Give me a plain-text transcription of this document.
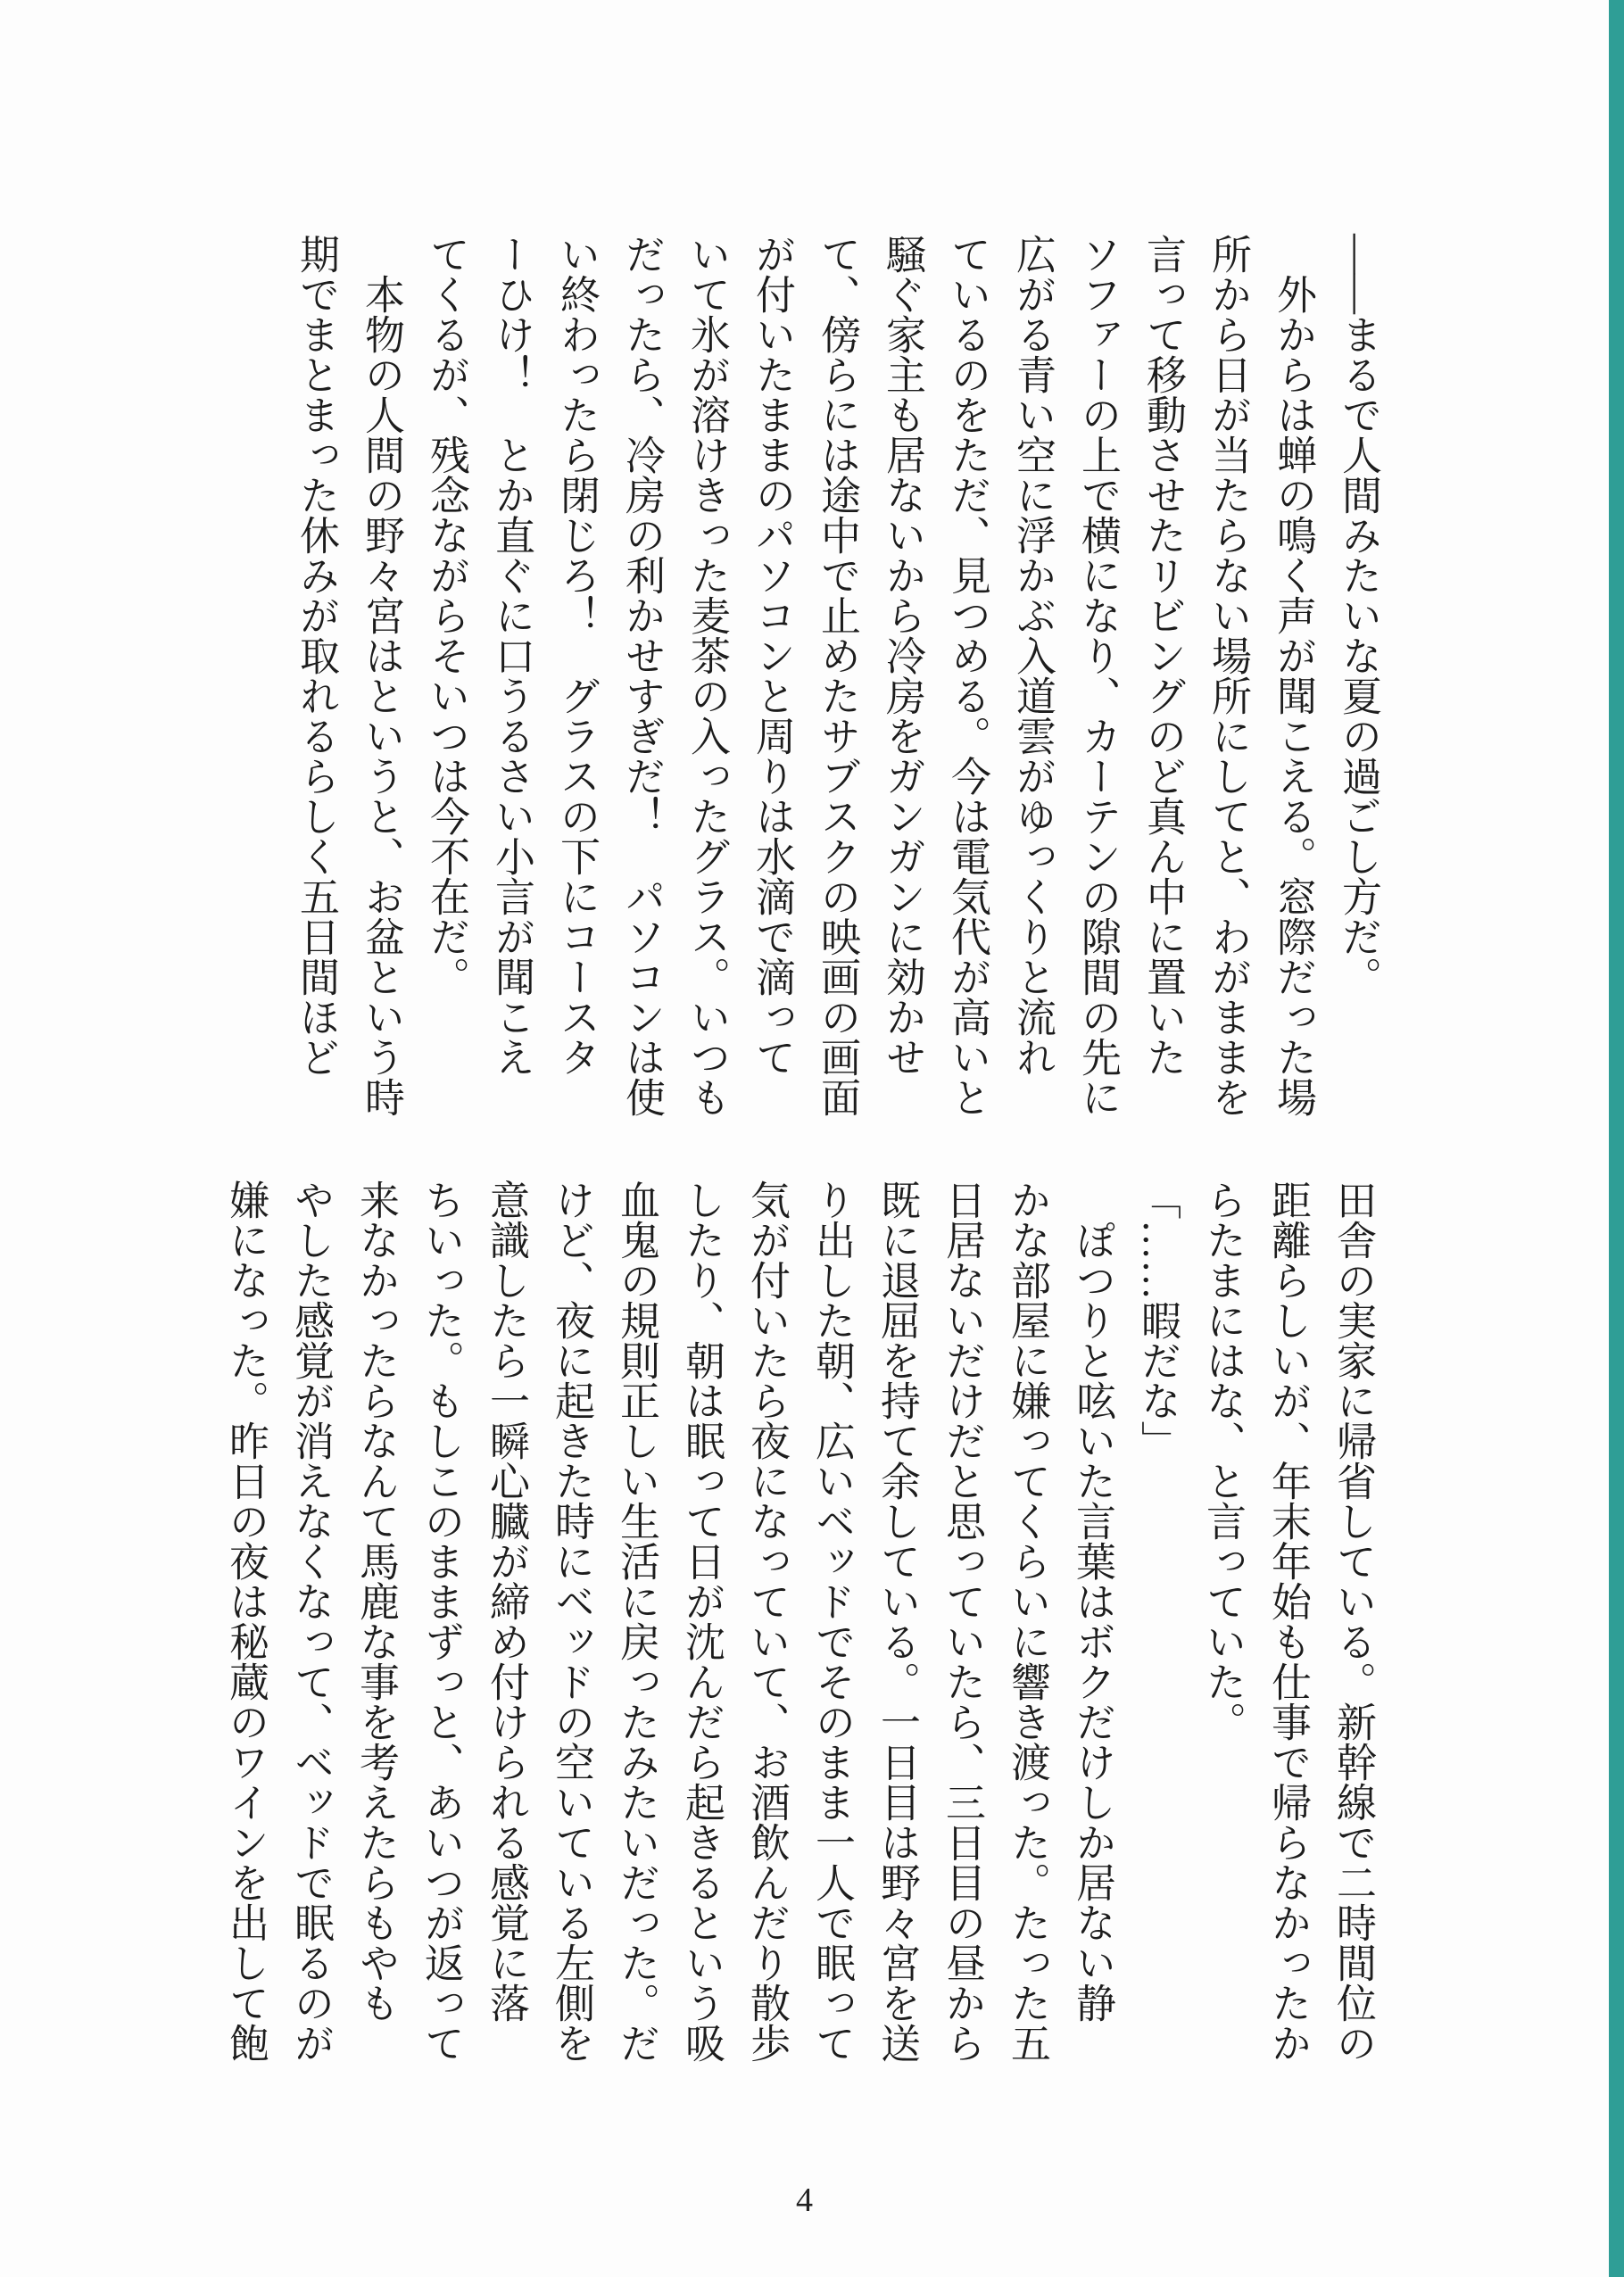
――まるで人間みたいな夏の過ごし方だ。

　外からは蝉の鳴く声が聞こえる。窓際だった場

所から日が当たらない場所にしてと、わがままを

言って移動させたリビングのど真ん中に置いた

ソファーの上で横になり、カーテンの隙間の先に

広がる青い空に浮かぶ入道雲がゆっくりと流れ

ているのをただ、見つめる。今は電気代が高いと

騒ぐ家主も居ないから冷房をガンガンに効かせ

て、傍らには途中で止めたサブスクの映画の画面

が付いたままのパソコンと周りは水滴で滴って

いて氷が溶けきった麦茶の入ったグラス。いつも

だったら、冷房の利かせすぎだ！　パソコンは使

い終わったら閉じろ！　グラスの下にコースタ

ーひけ！　とか直ぐに口うるさい小言が聞こえ

てくるが、残念ながらそいつは今不在だ。

　本物の人間の野々宮はというと、お盆という時

期でまとまった休みが取れるらしく五日間ほど

田舎の実家に帰省している。新幹線で二時間位の

距離らしいが、年末年始も仕事で帰らなかったか

らたまにはな、と言っていた。

「……暇だな」

　ぽつりと呟いた言葉はボクだけしか居ない静

かな部屋に嫌ってくらいに響き渡った。たった五

日居ないだけだと思っていたら、三日目の昼から

既に退屈を持て余している。一日目は野々宮を送

り出した朝、広いベッドでそのまま一人で眠って

気が付いたら夜になっていて、お酒飲んだり散歩

したり、朝は眠って日が沈んだら起きるという吸

血鬼の規則正しい生活に戻ったみたいだった。だ

けど、夜に起きた時にベッドの空いている左側を

意識したら一瞬心臓が締め付けられる感覚に落

ちいった。もしこのままずっと、あいつが返って

来なかったらなんて馬鹿な事を考えたらもやも

やした感覚が消えなくなって、ベッドで眠るのが

嫌になった。昨日の夜は秘蔵のワインを出して飽

4
